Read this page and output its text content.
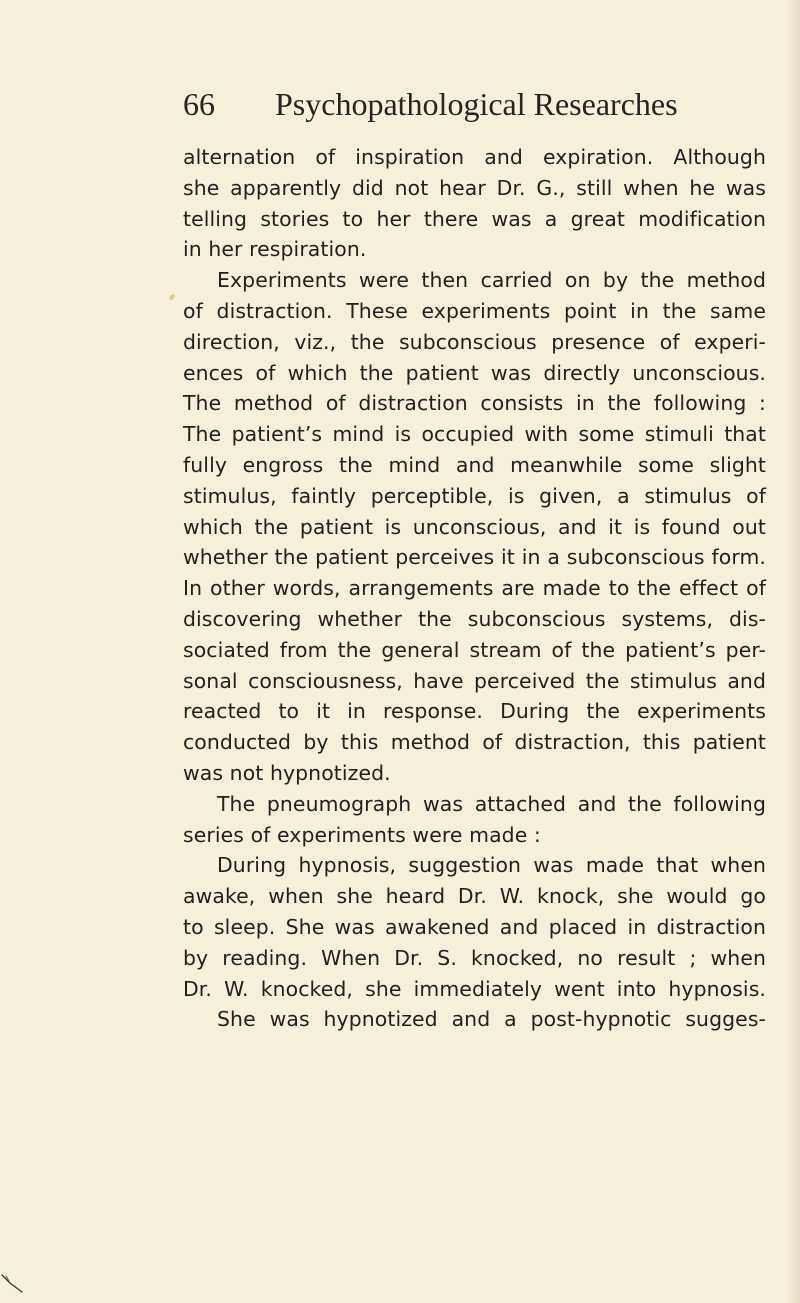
66 Psychopathological Researches
alternation of inspiration and expiration. Although
she apparently did not hear Dr. G., still when he was
telling stories to her there was a great modification
in her respiration.
Experiments were then carried on by the method
of distraction. These experiments point in the same
direction, viz., the subconscious presence of experi-
ences of which the patient was directly unconscious.
The method of distraction consists in the following :
The patient’s mind is occupied with some stimuli that
fully engross the mind and meanwhile some slight
stimulus, faintly perceptible, is given, a stimulus of
which the patient is unconscious, and it is found out
whether the patient perceives it in a subconscious form.
In other words, arrangements are made to the effect of
discovering whether the subconscious systems, dis-
sociated from the general stream of the patient’s per-
sonal consciousness, have perceived the stimulus and
reacted to it in response. During the experiments
conducted by this method of distraction, this patient
was not hypnotized.
The pneumograph was attached and the following
series of experiments were made :
During hypnosis, suggestion was made that when
awake, when she heard Dr. W. knock, she would go
to sleep. She was awakened and placed in distraction
by reading. When Dr. S. knocked, no result ; when
Dr. W. knocked, she immediately went into hypnosis.
She was hypnotized and a post-hypnotic sugges-
